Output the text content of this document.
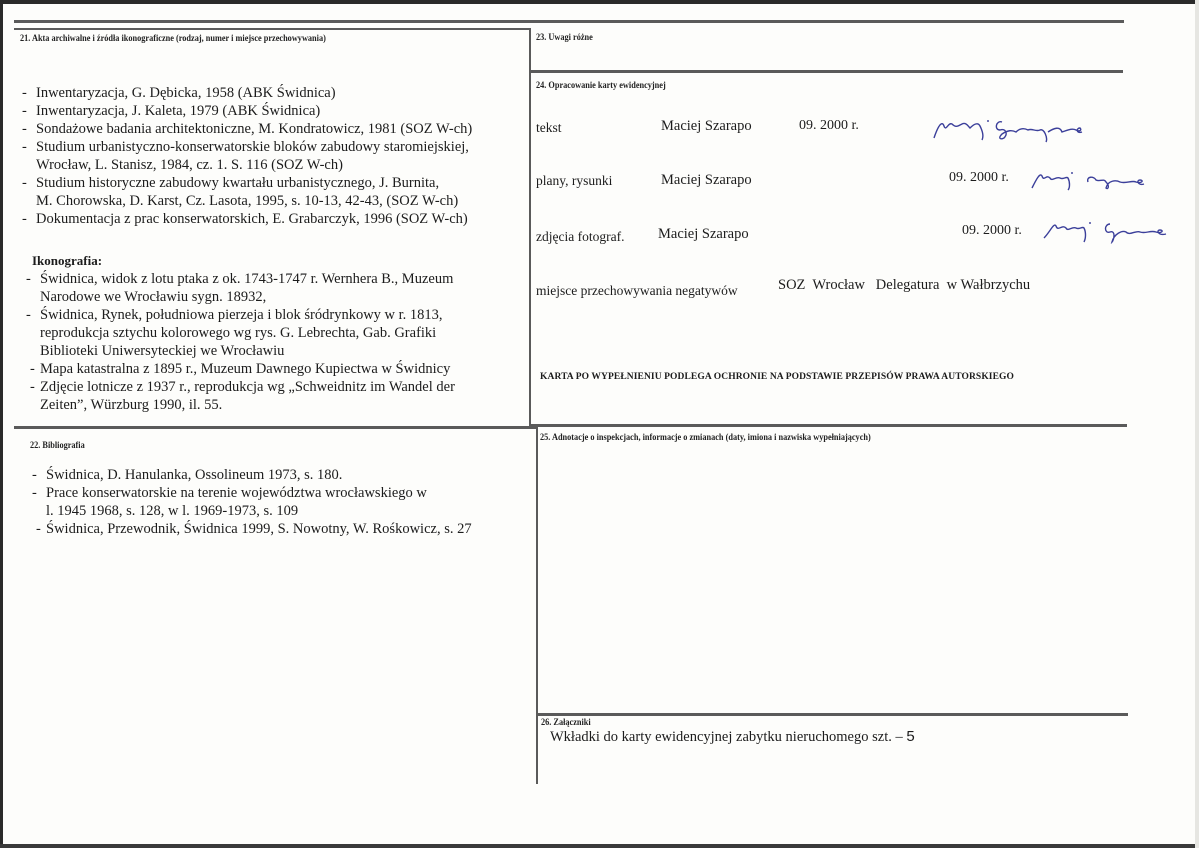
21. Akta archiwalne i źródła ikonograficzne (rodzaj, numer i miejsce przechowywania)
- Inwentaryzacja, G. Dębicka, 1958 (ABK Świdnica)
- Inwentaryzacja, J. Kaleta, 1979 (ABK Świdnica)
- Sondażowe badania architektoniczne, M. Kondratowicz, 1981 (SOZ W-ch)
- Studium urbanistyczno-konserwatorskie bloków zabudowy staromiejskiej,
Wrocław, L. Stanisz, 1984, cz. 1. S. 116 (SOZ W-ch)
- Studium historyczne zabudowy kwartału urbanistycznego, J. Burnita,
M. Chorowska, D. Karst, Cz. Lasota, 1995, s. 10-13, 42-43, (SOZ W-ch)
- Dokumentacja z prac konserwatorskich, E. Grabarczyk, 1996 (SOZ W-ch)
Ikonografia:
- Świdnica, widok z lotu ptaka z ok. 1743-1747 r. Wernhera B., Muzeum
Narodowe we Wrocławiu sygn. 18932,
- Świdnica, Rynek, południowa pierzeja i blok śródrynkowy w r. 1813,
reprodukcja sztychu kolorowego wg rys. G. Lebrechta, Gab. Grafiki
Biblioteki Uniwersyteckiej we Wrocławiu
- Mapa katastralna z 1895 r., Muzeum Dawnego Kupiectwa w Świdnicy
- Zdjęcie lotnicze z 1937 r., reprodukcja wg „Schweidnitz im Wandel der
Zeiten”, Würzburg 1990, il. 55.
22. Bibliografia
- Świdnica, D. Hanulanka, Ossolineum 1973, s. 180.
- Prace konserwatorskie na terenie województwa wrocławskiego w
l. 1945 1968, s. 128, w l. 1969-1973, s. 109
- Świdnica, Przewodnik, Świdnica 1999, S. Nowotny, W. Rośkowicz, s. 27
23. Uwagi różne
24. Opracowanie karty ewidencyjnej
tekst	Maciej Szarapo	09. 2000 r.
plany, rysunki	Maciej Szarapo	09. 2000 r.
zdjęcia fotograf. Maciej Szarapo	09. 2000 r.
miejsce przechowywania negatywów	SOZ  Wrocław   Delegatura  w Wałbrzychu
KARTA PO WYPEŁNIENIU PODLEGA OCHRONIE NA PODSTAWIE PRZEPISÓW PRAWA AUTORSKIEGO
25. Adnotacje o inspekcjach, informacje o zmianach (daty, imiona i nazwiska wypełniających)
26. Załączniki
Wkładki do karty ewidencyjnej zabytku nieruchomego szt. – 5
